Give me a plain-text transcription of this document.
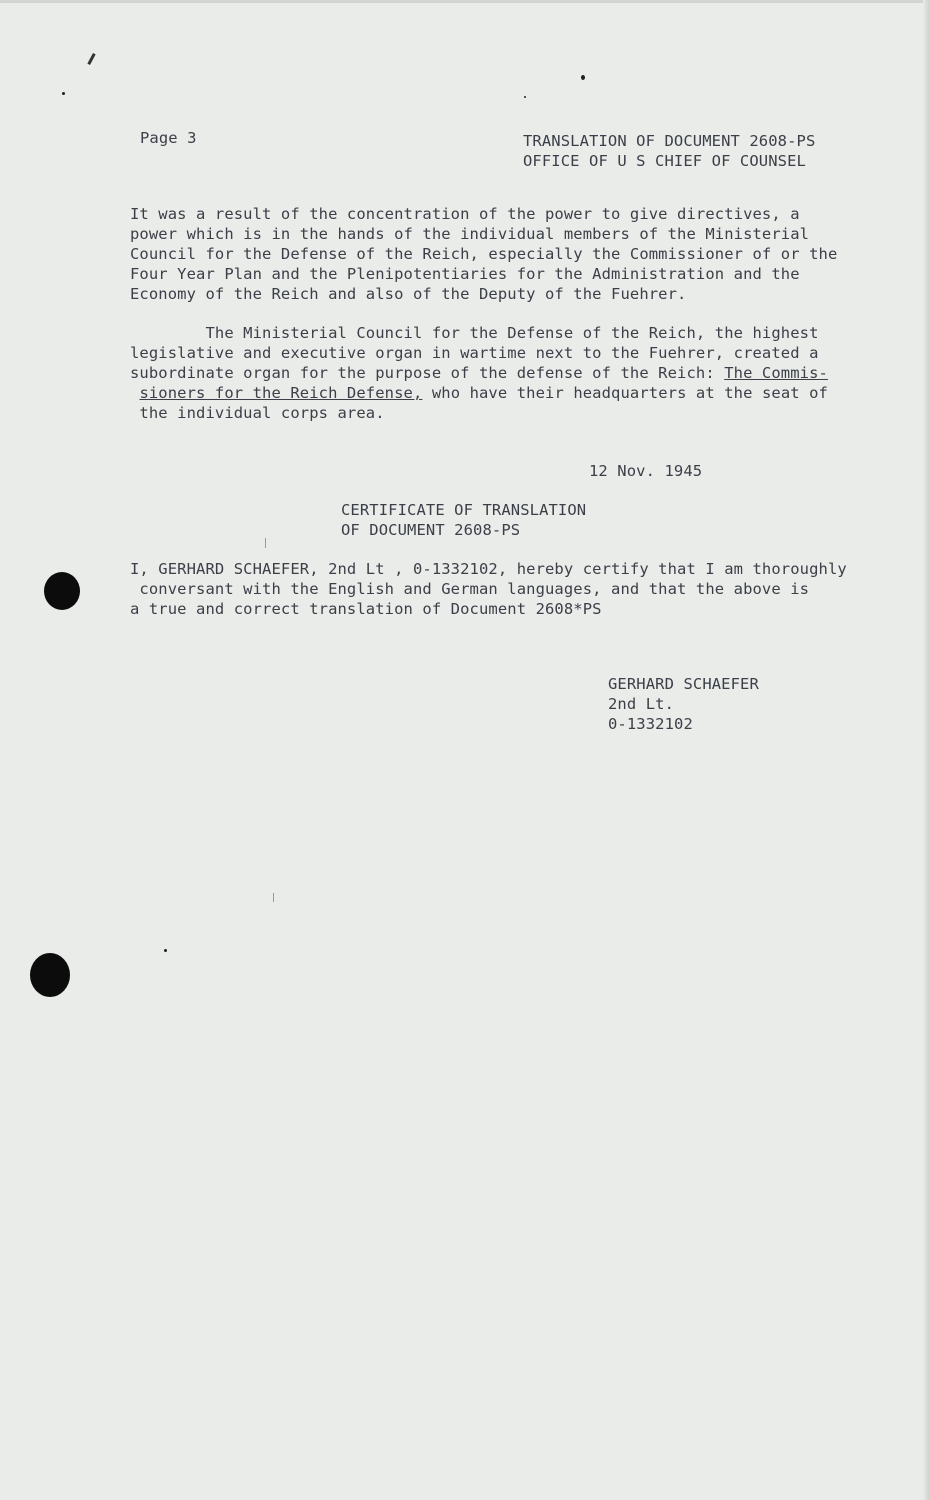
Page 3	TRANSLATION OF DOCUMENT 2608-PS
OFFICE OF U S CHIEF OF COUNSEL

It was a result of the concentration of the power to give directives, a
power which is in the hands of the individual members of the Ministerial
Council for the Defense of the Reich, especially the Commissioner of or the
Four Year Plan and the Plenipotentiaries for the Administration and the
Economy of the Reich and also of the Deputy of the Fuehrer.

The Ministerial Council for the Defense of the Reich, the highest
legislative and executive organ in wartime next to the Fuehrer, created a
subordinate organ for the purpose of the defense of the Reich: The Commis-
sioners for the Reich Defense, who have their headquarters at the seat of
the individual corps area.

12 Nov. 1945

CERTIFICATE OF TRANSLATION
OF DOCUMENT 2608-PS

I, GERHARD SCHAEFER, 2nd Lt , 0-1332102, hereby certify that I am thoroughly
conversant with the English and German languages, and that the above is
a true and correct translation of Document 2608*PS

GERHARD SCHAEFER
2nd Lt.
0-1332102
